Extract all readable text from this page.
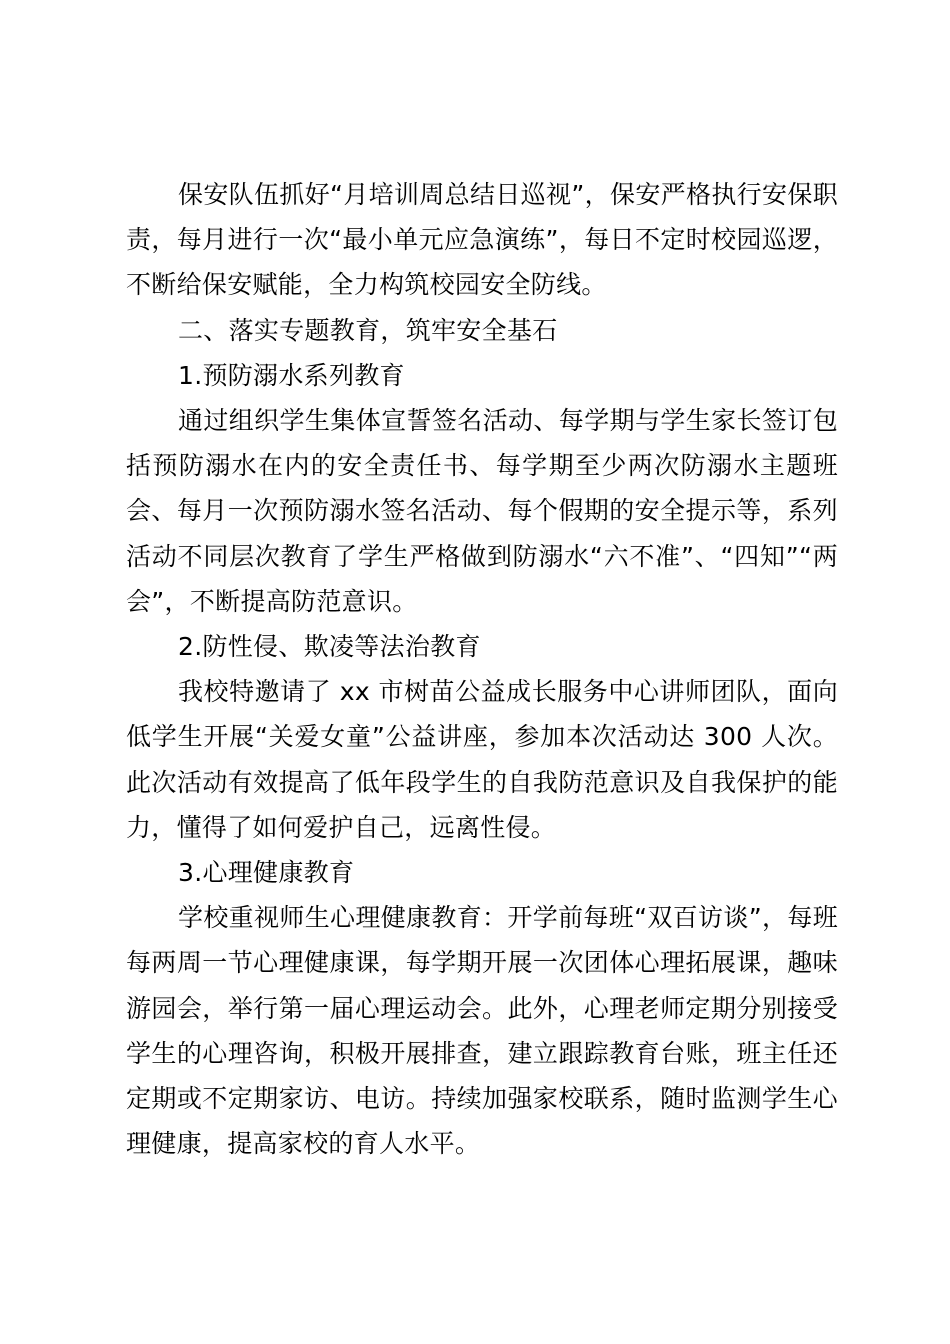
保安队伍抓好“月培训周总结日巡视”，保安严格执行安保职责，每月进行一次“最小单元应急演练”，每日不定时校园巡逻，不断给保安赋能，全力构筑校园安全防线。

二、落实专题教育，筑牢安全基石

1.预防溺水系列教育

通过组织学生集体宣誓签名活动、每学期与学生家长签订包括预防溺水在内的安全责任书、每学期至少两次防溺水主题班会、每月一次预防溺水签名活动、每个假期的安全提示等，系列活动不同层次教育了学生严格做到防溺水“六不准”、“四知”“两会”，不断提高防范意识。

2.防性侵、欺凌等法治教育

我校特邀请了 xx 市树苗公益成长服务中心讲师团队，面向低学生开展“关爱女童”公益讲座，参加本次活动达 300 人次。此次活动有效提高了低年段学生的自我防范意识及自我保护的能力，懂得了如何爱护自己，远离性侵。

3.心理健康教育

学校重视师生心理健康教育：开学前每班“双百访谈”，每班每两周一节心理健康课，每学期开展一次团体心理拓展课，趣味游园会，举行第一届心理运动会。此外，心理老师定期分别接受学生的心理咨询，积极开展排查，建立跟踪教育台账，班主任还定期或不定期家访、电访。持续加强家校联系，随时监测学生心理健康，提高家校的育人水平。
